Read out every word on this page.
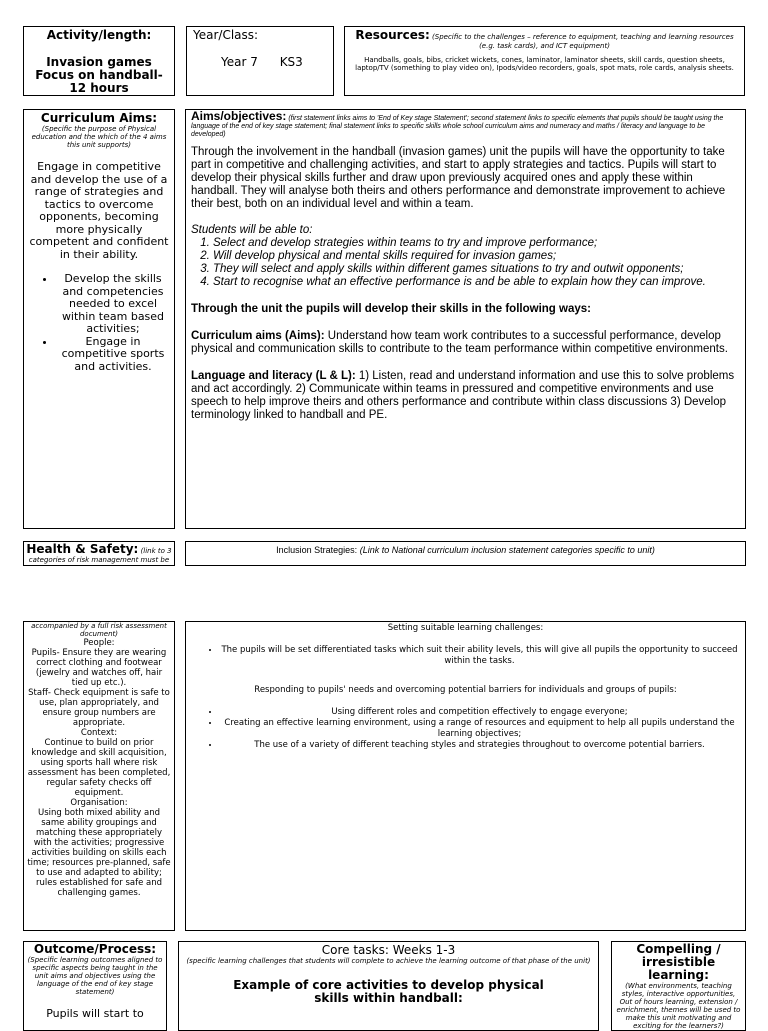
Activity/length:
Invasion games
Focus on handball-
12 hours
Year/Class:
Year 7 KS3
Resources: (Specific to the challenges – reference to equipment, teaching and learning resources (e.g. task cards), and ICT equipment)
Handballs, goals, bibs, cricket wickets, cones, laminator, laminator sheets, skill cards, question sheets, laptop/TV (something to play video on), Ipods/video recorders, goals, spot mats, role cards, analysis sheets.
Curriculum Aims: (Specific the purpose of Physical education and the which of the 4 aims this unit supports)
Engage in competitive and develop the use of a range of strategies and tactics to overcome opponents, becoming more physically competent and confident in their ability.
• Develop the skills and competencies needed to excel within team based activities;
• Engage in competitive sports and activities.
Aims/objectives: (first statement links aims to 'End of Key stage Statement'; second statement links to specific elements that pupils should be taught using the language of the end of key stage statement; final statement links to specific skills whole school curriculum aims and numeracy and maths / literacy and language to be developed)
Through the involvement in the handball (invasion games) unit the pupils will have the opportunity to take part in competitive and challenging activities, and start to apply strategies and tactics. Pupils will start to develop their physical skills further and draw upon previously acquired ones and apply these within handball. They will analyse both theirs and others performance and demonstrate improvement to achieve their best, both on an individual level and within a team.
Students will be able to:
1. Select and develop strategies within teams to try and improve performance;
2. Will develop physical and mental skills required for invasion games;
3. They will select and apply skills within different games situations to try and outwit opponents;
4. Start to recognise what an effective performance is and be able to explain how they can improve.
Through the unit the pupils will develop their skills in the following ways:
Curriculum aims (Aims): Understand how team work contributes to a successful performance, develop physical and communication skills to contribute to the team performance within competitive environments.
Language and literacy (L & L): 1) Listen, read and understand information and use this to solve problems and act accordingly. 2) Communicate within teams in pressured and competitive environments and use speech to help improve theirs and others performance and contribute within class discussions 3) Develop terminology linked to handball and PE.
Health & Safety: (link to 3 categories of risk management must be
Inclusion Strategies: (Link to National curriculum inclusion statement categories specific to unit)
accompanied by a full risk assessment document)
People:
Pupils- Ensure they are wearing correct clothing and footwear (jewelry and watches off, hair tied up etc.).
Staff- Check equipment is safe to use, plan appropriately, and ensure group numbers are appropriate.
Context:
Continue to build on prior knowledge and skill acquisition, using sports hall where risk assessment has been completed, regular safety checks off equipment.
Organisation:
Using both mixed ability and same ability groupings and matching these appropriately with the activities; progressive activities building on skills each time; resources pre-planned, safe to use and adapted to ability; rules established for safe and challenging games.
Setting suitable learning challenges:
• The pupils will be set differentiated tasks which suit their ability levels, this will give all pupils the opportunity to succeed within the tasks.
Responding to pupils' needs and overcoming potential barriers for individuals and groups of pupils:
• Using different roles and competition effectively to engage everyone;
• Creating an effective learning environment, using a range of resources and equipment to help all pupils understand the learning objectives;
• The use of a variety of different teaching styles and strategies throughout to overcome potential barriers.
Outcome/Process:
(Specific learning outcomes aligned to specific aspects being taught in the unit aims and objectives using the language of the end of key stage statement)
Pupils will start to
Core tasks: Weeks 1-3
(specific learning challenges that students will complete to achieve the learning outcome of that phase of the unit)
Example of core activities to develop physical skills within handball:
Compelling / irresistible learning:
(What environments, teaching styles, interactive opportunities, Out of hours learning, extension / enrichment, themes will be used to make this unit motivating and exciting for the learners?)
